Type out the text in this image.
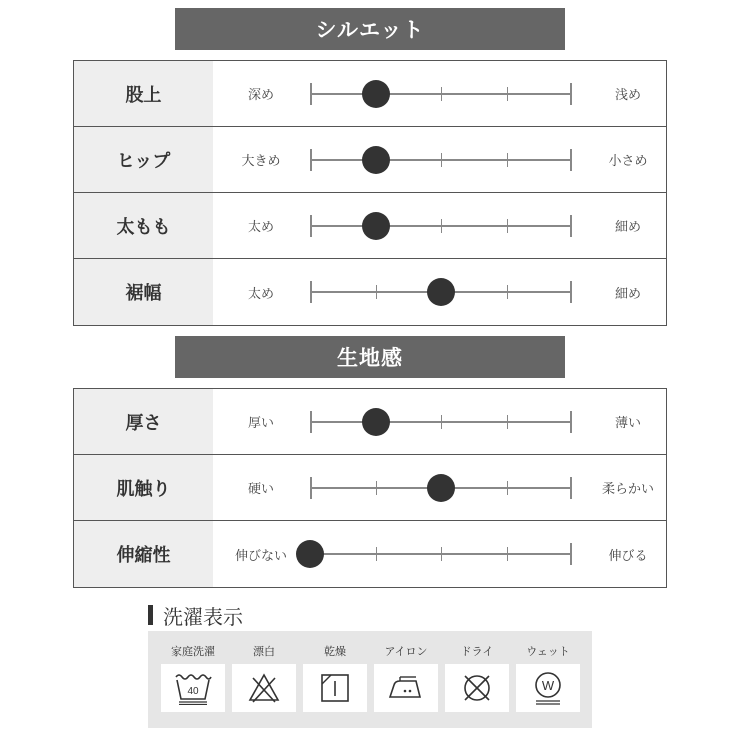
シルエット
股上	深め	浅め
ヒップ	大きめ	小さめ
太もも	太め	細め
裾幅	太め	細め
生地感
厚さ	厚い	薄い
肌触り	硬い	柔らかい
伸縮性	伸びない	伸びる
洗濯表示
家庭洗濯
40
漂白	乾燥	アイロン	ドライ	ウェット
W
